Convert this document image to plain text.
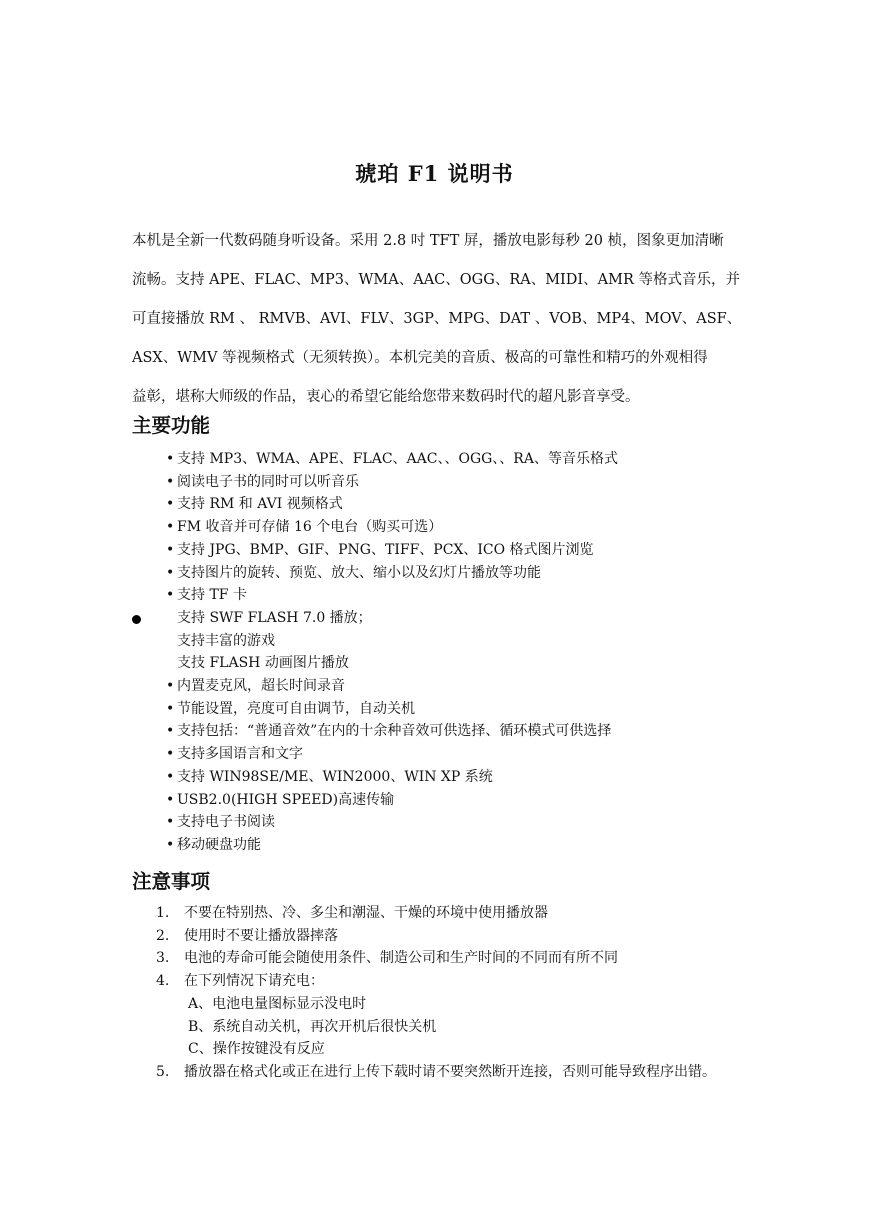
琥珀 F1 说明书
本机是全新一代数码随身听设备。采用 2.8 吋 TFT 屏，播放电影每秒 20 桢，图象更加清晰
流畅。支持 APE、FLAC、MP3、WMA、AAC、OGG、RA、MIDI、AMR 等格式音乐，并
可直接播放 RM 、 RMVB、AVI、FLV、3GP、MPG、DAT 、VOB、MP4、MOV、ASF、
ASX、WMV 等视频格式（无须转换）。本机完美的音质、极高的可靠性和精巧的外观相得
益彰，堪称大师级的作品，衷心的希望它能给您带来数码时代的超凡影音享受。
主要功能
• 支持 MP3、WMA、APE、FLAC、AAC、、OGG、、RA、等音乐格式
• 阅读电子书的同时可以听音乐
• 支持 RM 和 AVI 视频格式
• FM 收音并可存储 16 个电台（购买可选）
• 支持 JPG、BMP、GIF、PNG、TIFF、PCX、ICO 格式图片浏览
• 支持图片的旋转、预览、放大、缩小以及幻灯片播放等功能
• 支持 TF 卡
支持 SWF FLASH 7.0 播放；
支持丰富的游戏
支技 FLASH 动画图片播放
• 内置麦克风，超长时间录音
• 节能设置，亮度可自由调节，自动关机
• 支持包括：“普通音效”在内的十余种音效可供选择、循环模式可供选择
• 支持多国语言和文字
• 支持 WIN98SE/ME、WIN2000、WIN XP 系统
• USB2.0(HIGH SPEED)高速传输
• 支持电子书阅读
• 移动硬盘功能
注意事项
1. 不要在特别热、冷、多尘和潮湿、干燥的环境中使用播放器
2. 使用时不要让播放器摔落
3. 电池的寿命可能会随使用条件、制造公司和生产时间的不同而有所不同
4. 在下列情况下请充电：
A、电池电量图标显示没电时
B、系统自动关机，再次开机后很快关机
C、操作按键没有反应
5. 播放器在格式化或正在进行上传下载时请不要突然断开连接，否则可能导致程序出错。
